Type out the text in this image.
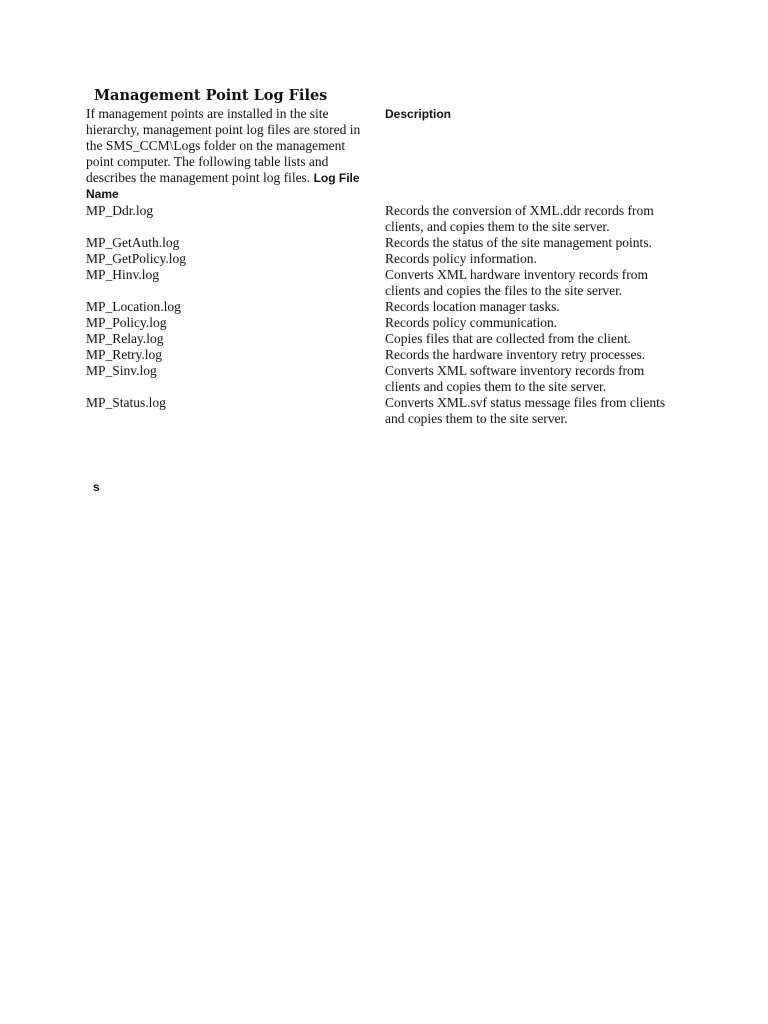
Management Point Log Files
If management points are installed in the site hierarchy, management point log files are stored in the SMS_CCM\Logs folder on the management point computer. The following table lists and describes the management point log files. Log File Name
Description
MP_Ddr.log	Records the conversion of XML.ddr records from clients, and copies them to the site server.
MP_GetAuth.log	Records the status of the site management points.
MP_GetPolicy.log	Records policy information.
MP_Hinv.log	Converts XML hardware inventory records from clients and copies the files to the site server.
MP_Location.log	Records location manager tasks.
MP_Policy.log	Records policy communication.
MP_Relay.log	Copies files that are collected from the client.
MP_Retry.log	Records the hardware inventory retry processes.
MP_Sinv.log	Converts XML software inventory records from clients and copies them to the site server.
MP_Status.log	Converts XML.svf status message files from clients and copies them to the site server.
s
